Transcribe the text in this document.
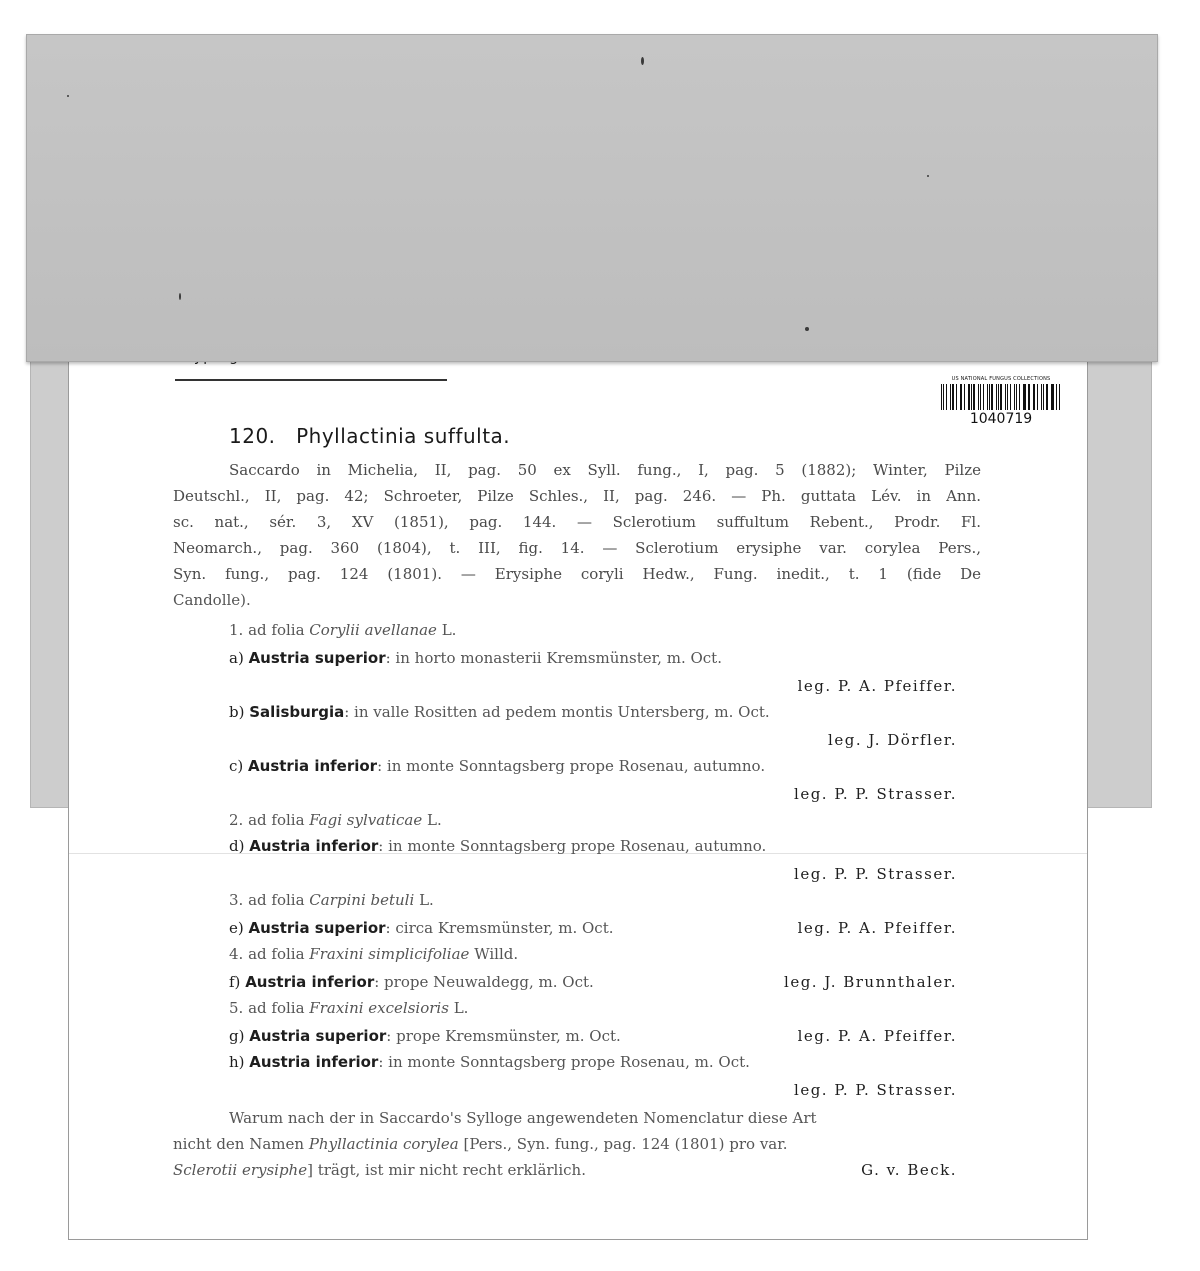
US NATIONAL FUNGUS COLLECTIONS
1040719
120. Phyllactinia suffulta.
Saccardo in Michelia, II, pag. 50 ex Syll. fung., I, pag. 5 (1882); Winter, Pilze
Deutschl., II, pag. 42; Schroeter, Pilze Schles., II, pag. 246. — Ph. guttata Lév. in Ann.
sc. nat., sér. 3, XV (1851), pag. 144. — Sclerotium suffultum Rebent., Prodr. Fl.
Neomarch., pag. 360 (1804), t. III, fig. 14. — Sclerotium erysiphe var. corylea Pers.,
Syn. fung., pag. 124 (1801). — Erysiphe coryli Hedw., Fung. inedit., t. 1 (fide De
Candolle).
1. ad folia Corylii avellanae L.
a) Austria superior: in horto monasterii Kremsmünster, m. Oct.
leg. P. A. Pfeiffer.
b) Salisburgia: in valle Rositten ad pedem montis Untersberg, m. Oct.
leg. J. Dörfler.
c) Austria inferior: in monte Sonntagsberg prope Rosenau, autumno.
leg. P. P. Strasser.
2. ad folia Fagi sylvaticae L.
d) Austria inferior: in monte Sonntagsberg prope Rosenau, autumno.
leg. P. P. Strasser.
3. ad folia Carpini betuli L.
e) Austria superior: circa Kremsmünster, m. Oct.	leg. P. A. Pfeiffer.
4. ad folia Fraxini simplicifoliae Willd.
f) Austria inferior: prope Neuwaldegg, m. Oct.	leg. J. Brunnthaler.
5. ad folia Fraxini excelsioris L.
g) Austria superior: prope Kremsmünster, m. Oct.	leg. P. A. Pfeiffer.
h) Austria inferior: in monte Sonntagsberg prope Rosenau, m. Oct.
leg. P. P. Strasser.
Warum nach der in Saccardo's Sylloge angewendeten Nomenclatur diese Art
nicht den Namen Phyllactinia corylea [Pers., Syn. fung., pag. 124 (1801) pro var.
Sclerotii erysiphe] trägt, ist mir nicht recht erklärlich.	G. v. Beck.
